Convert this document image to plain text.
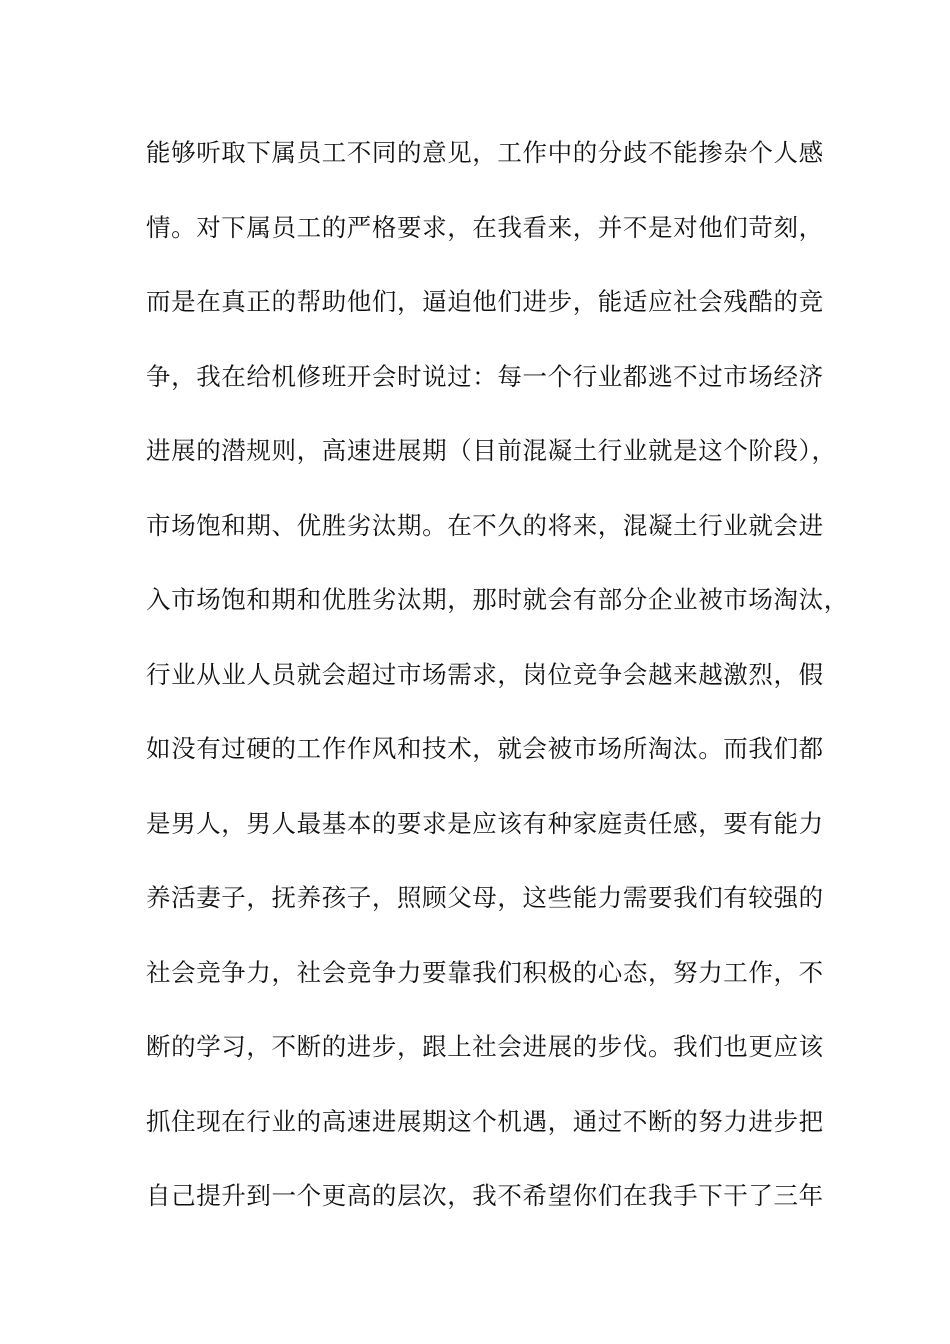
能够听取下属员工不同的意见，工作中的分歧不能掺杂个人感
情。对下属员工的严格要求，在我看来，并不是对他们苛刻，
而是在真正的帮助他们，逼迫他们进步，能适应社会残酷的竞
争，我在给机修班开会时说过：每一个行业都逃不过市场经济
进展的潜规则，高速进展期（目前混凝土行业就是这个阶段），
市场饱和期、优胜劣汰期。在不久的将来，混凝土行业就会进
入市场饱和期和优胜劣汰期，那时就会有部分企业被市场淘汰，
行业从业人员就会超过市场需求，岗位竞争会越来越激烈，假
如没有过硬的工作作风和技术，就会被市场所淘汰。而我们都
是男人，男人最基本的要求是应该有种家庭责任感，要有能力
养活妻子，抚养孩子，照顾父母，这些能力需要我们有较强的
社会竞争力，社会竞争力要靠我们积极的心态，努力工作，不
断的学习，不断的进步，跟上社会进展的步伐。我们也更应该
抓住现在行业的高速进展期这个机遇，通过不断的努力进步把
自己提升到一个更高的层次，我不希望你们在我手下干了三年
